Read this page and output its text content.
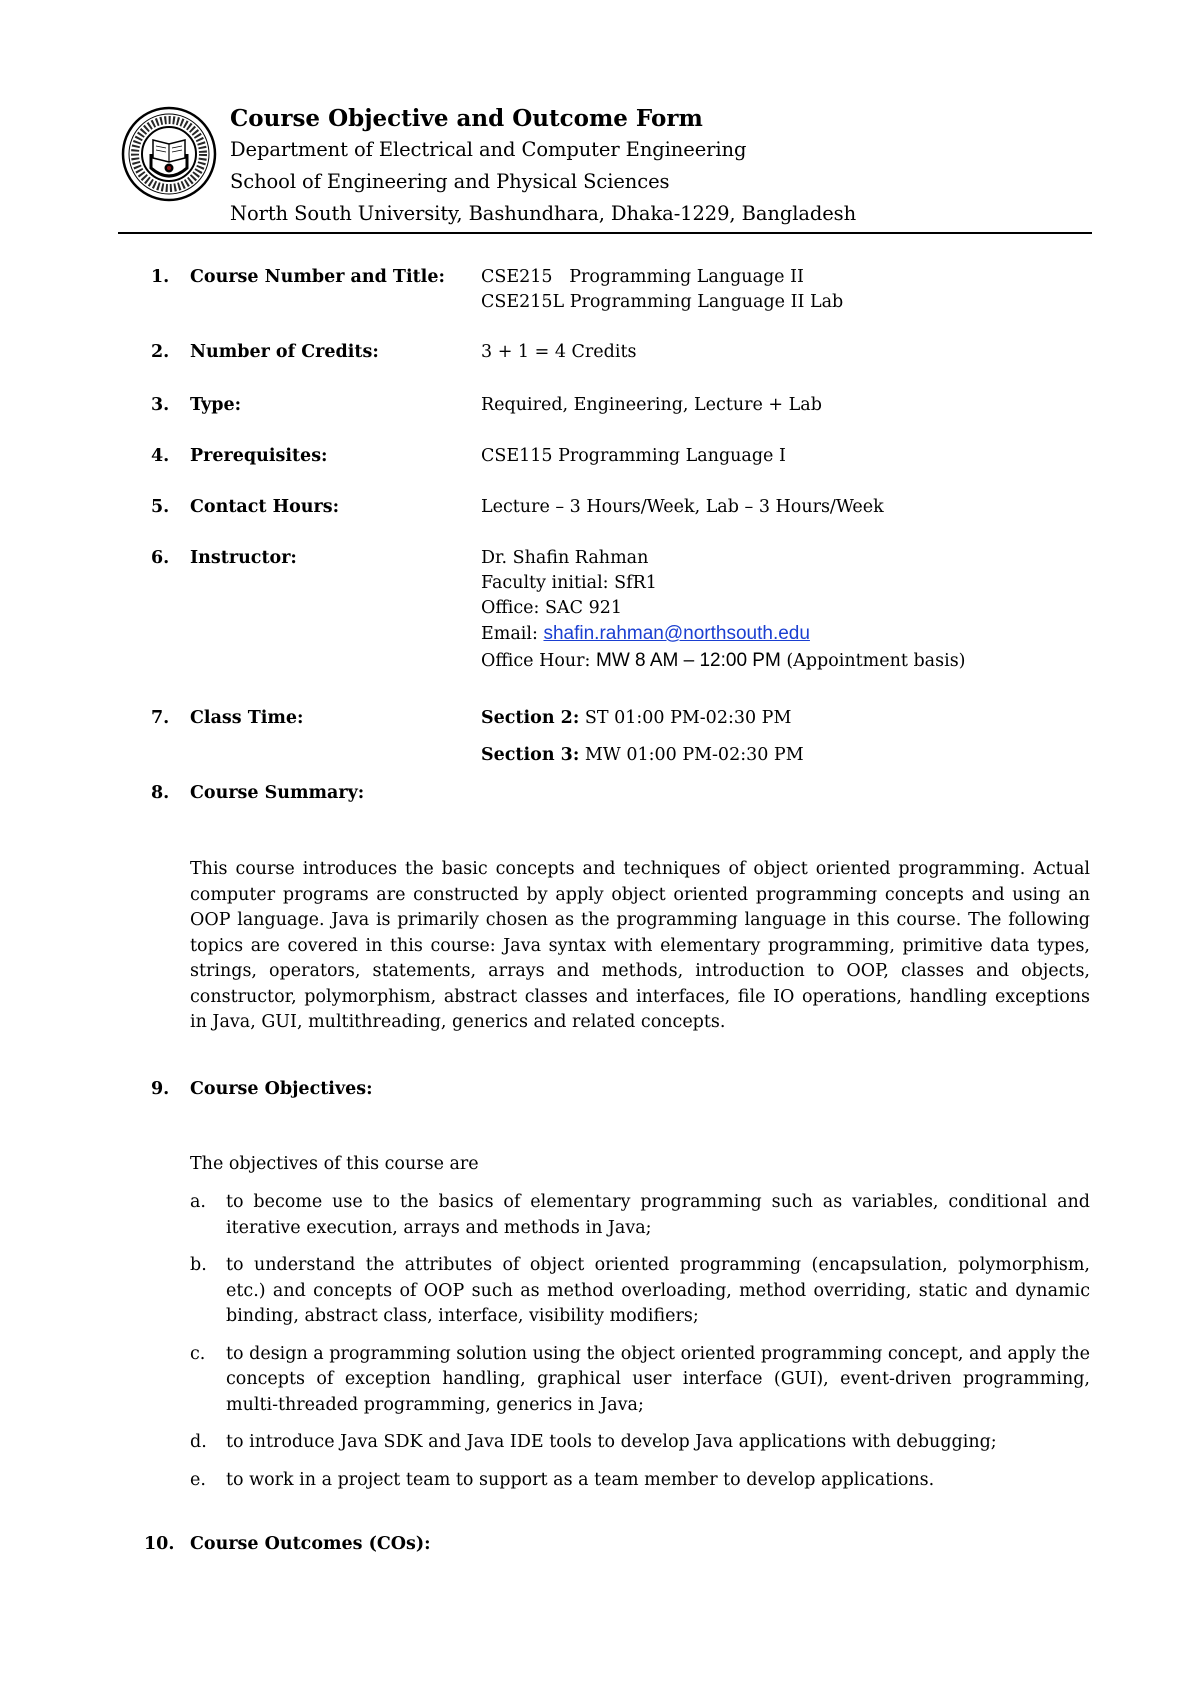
Course Objective and Outcome Form
Department of Electrical and Computer Engineering
School of Engineering and Physical Sciences
North South University, Bashundhara, Dhaka-1229, Bangladesh
1. Course Number and Title: CSE215   Programming Language II
CSE215L Programming Language II Lab
2. Number of Credits:	3 + 1 = 4 Credits
3. Type:	Required, Engineering, Lecture + Lab
4. Prerequisites:	CSE115 Programming Language I
5. Contact Hours:	Lecture – 3 Hours/Week, Lab – 3 Hours/Week
6. Instructor:	Dr. Shafin Rahman
Faculty initial: SfR1
Office: SAC 921
Email: shafin.rahman@northsouth.edu
Office Hour: MW 8 AM – 12:00 PM (Appointment basis)
7. Class Time:	Section 2: ST 01:00 PM-02:30 PM
Section 3: MW 01:00 PM-02:30 PM
8. Course Summary:

This course introduces the basic concepts and techniques of object oriented programming. Actual computer programs are constructed by apply object oriented programming concepts and using an OOP language. Java is primarily chosen as the programming language in this course. The following topics are covered in this course: Java syntax with elementary programming, primitive data types, strings, operators, statements, arrays and methods, introduction to OOP, classes and objects, constructor, polymorphism, abstract classes and interfaces, file IO operations, handling exceptions in Java, GUI, multithreading, generics and related concepts.

9. Course Objectives:

The objectives of this course are

a. to become use to the basics of elementary programming such as variables, conditional and iterative execution, arrays and methods in Java;
b. to understand the attributes of object oriented programming (encapsulation, polymorphism, etc.) and concepts of OOP such as method overloading, method overriding, static and dynamic binding, abstract class, interface, visibility modifiers;
c. to design a programming solution using the object oriented programming concept, and apply the concepts of exception handling, graphical user interface (GUI), event-driven programming, multi-threaded programming, generics in Java;
d. to introduce Java SDK and Java IDE tools to develop Java applications with debugging;
e. to work in a project team to support as a team member to develop applications.
10. Course Outcomes (COs):
